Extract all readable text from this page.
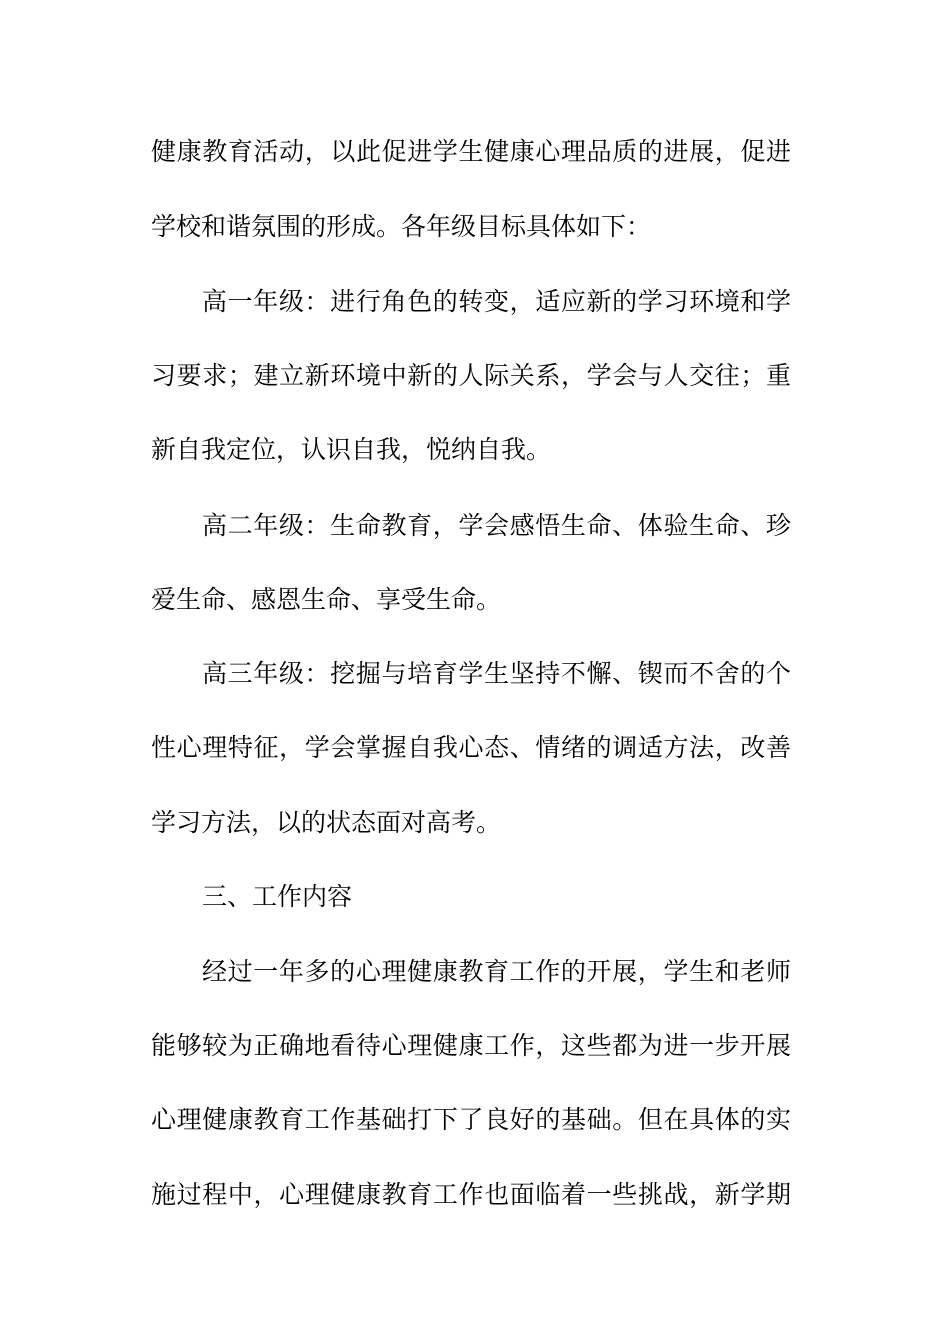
健康教育活动，以此促进学生健康心理品质的进展，促进
学校和谐氛围的形成。各年级目标具体如下：
高一年级：进行角色的转变，适应新的学习环境和学
习要求；建立新环境中新的人际关系，学会与人交往；重
新自我定位，认识自我，悦纳自我。
高二年级：生命教育，学会感悟生命、体验生命、珍
爱生命、感恩生命、享受生命。
高三年级：挖掘与培育学生坚持不懈、锲而不舍的个
性心理特征，学会掌握自我心态、情绪的调适方法，改善
学习方法，以的状态面对高考。
三、工作内容
经过一年多的心理健康教育工作的开展，学生和老师
能够较为正确地看待心理健康工作，这些都为进一步开展
心理健康教育工作基础打下了良好的基础。但在具体的实
施过程中，心理健康教育工作也面临着一些挑战，新学期
